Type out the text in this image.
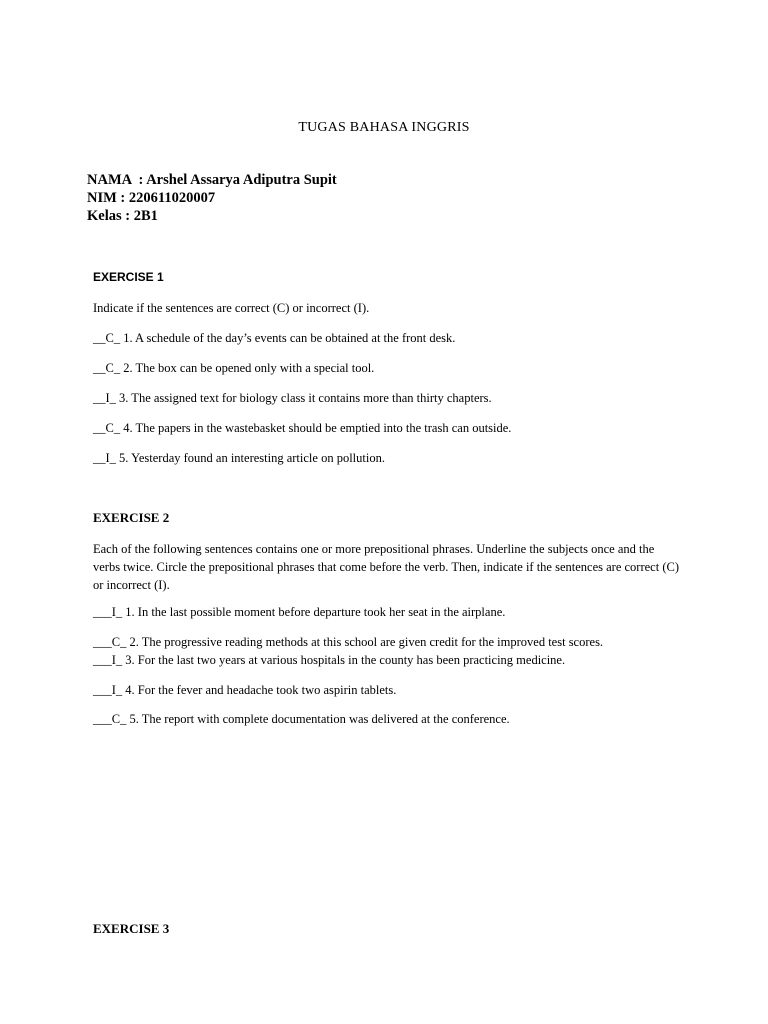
TUGAS BAHASA INGGRIS
NAMA  : Arshel Assarya Adiputra Supit
NIM : 220611020007
Kelas : 2B1
EXERCISE 1
Indicate if the sentences are correct (C) or incorrect (I).
__C_ 1. A schedule of the day’s events can be obtained at the front desk.
__C_ 2. The box can be opened only with a special tool.
__I_ 3. The assigned text for biology class it contains more than thirty chapters.
__C_ 4. The papers in the wastebasket should be emptied into the trash can outside.
__I_ 5. Yesterday found an interesting article on pollution.
EXERCISE 2
Each of the following sentences contains one or more prepositional phrases. Underline the subjects once and the verbs twice. Circle the prepositional phrases that come before the verb. Then, indicate if the sentences are correct (C) or incorrect (I).
___I_ 1. In the last possible moment before departure took her seat in the airplane.
___C_ 2. The progressive reading methods at this school are given credit for the improved test scores.
___I_ 3. For the last two years at various hospitals in the county has been practicing medicine.
___I_ 4. For the fever and headache took two aspirin tablets.
___C_ 5. The report with complete documentation was delivered at the conference.
EXERCISE 3
